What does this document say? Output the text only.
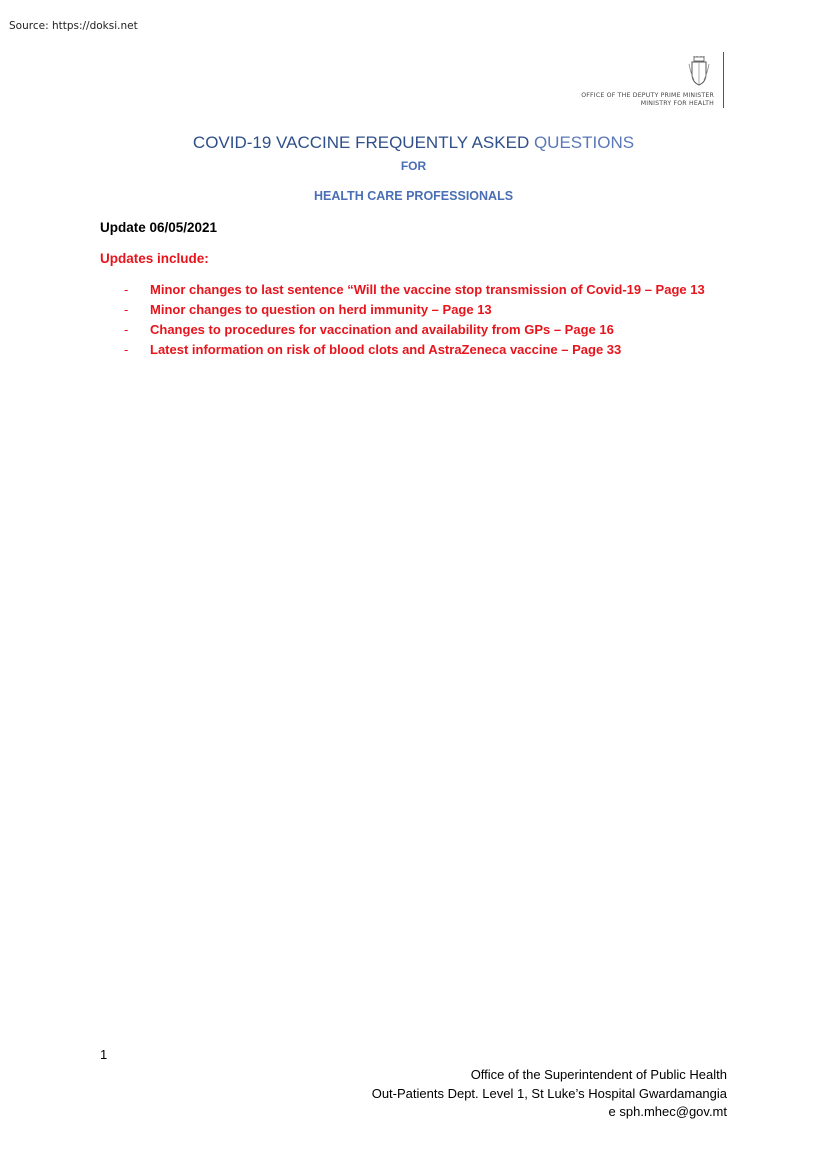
Source: https://doksi.net
OFFICE OF THE DEPUTY PRIME MINISTER
MINISTRY FOR HEALTH
COVID-19 VACCINE FREQUENTLY ASKED QUESTIONS
FOR
HEALTH CARE PROFESSIONALS
Update 06/05/2021
Updates include:
- Minor changes to last sentence “Will the vaccine stop transmission of Covid-19 – Page 13
- Minor changes to question on herd immunity – Page 13
- Changes to procedures for vaccination and availability from GPs – Page 16
- Latest information on risk of blood clots and AstraZeneca vaccine – Page 33
1
Office of the Superintendent of Public Health
Out-Patients Dept. Level 1, St Luke’s Hospital Gwardamangia
e sph.mhec@gov.mt
